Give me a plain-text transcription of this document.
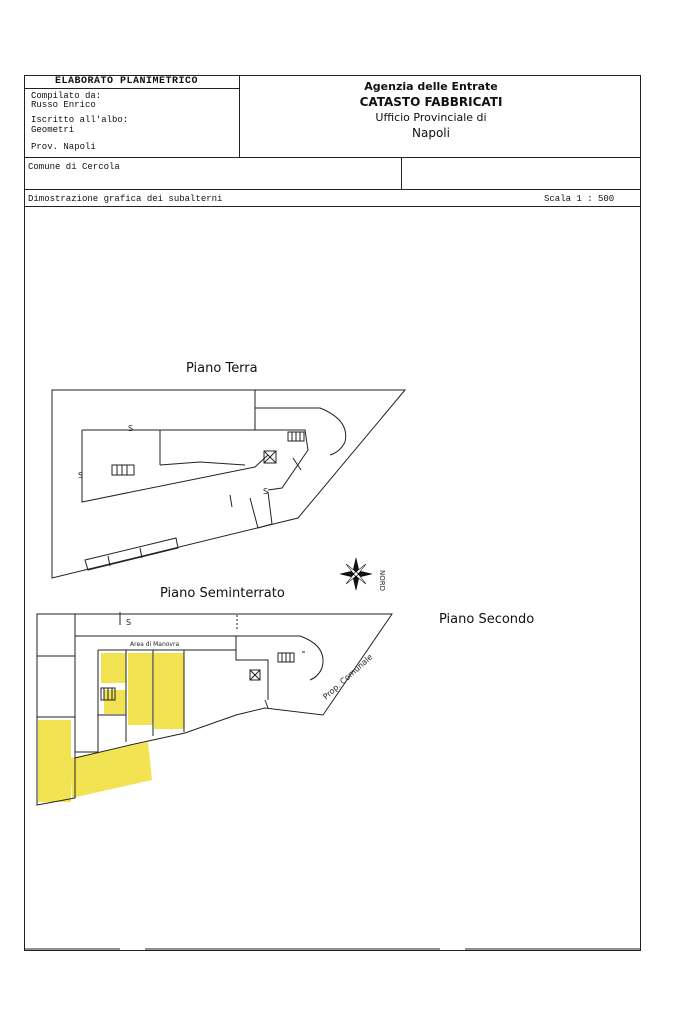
ELABORATO PLANIMETRICO
Compilato da:
Russo Enrico
Iscritto all'albo:
Geometri
Prov. Napoli
Agenzia delle Entrate
CATASTO FABBRICATI
Ufficio Provinciale di
Napoli
Comune di Cercola
Dimostrazione grafica dei subalterni	Scala 1 : 500
Piano Terra
Piano Seminterrato
Piano Secondo
S
S
S
NORD
S
Area di Manovra
Prop. Comunale
